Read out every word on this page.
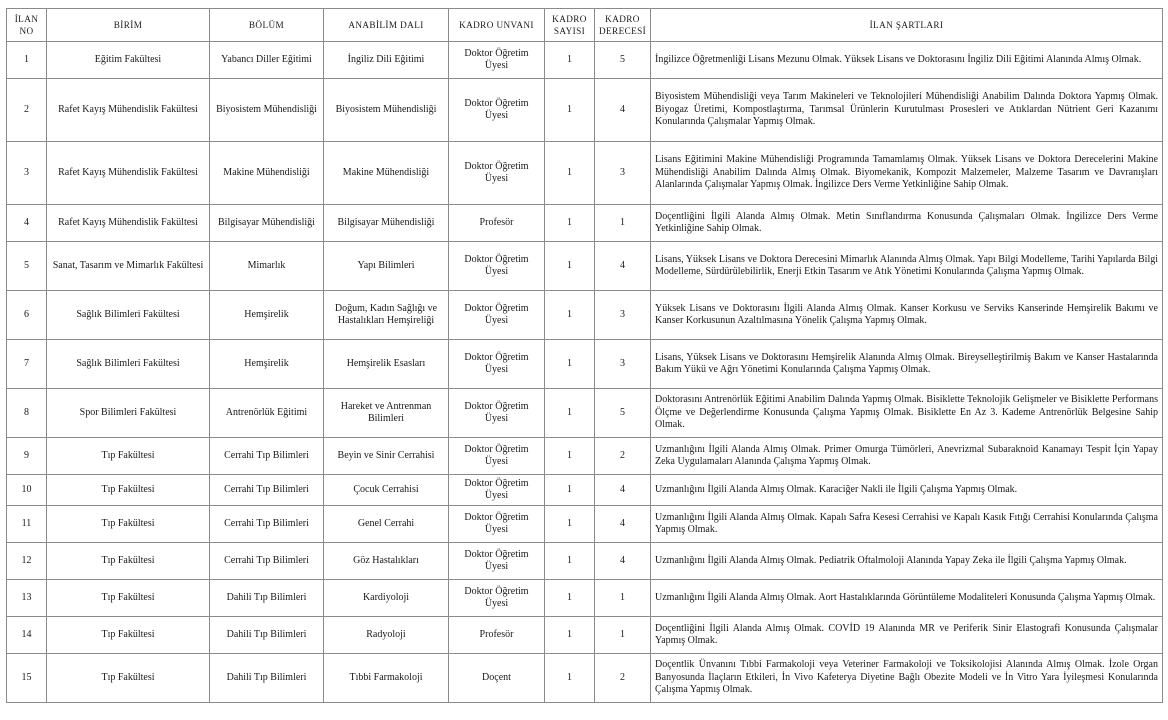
İLAN NO	BİRİM	BÖLÜM	ANABİLİM DALI	KADRO UNVANI	KADRO SAYISI	KADRO DERECESİ	İLAN ŞARTLARI
1	Eğitim Fakültesi	Yabancı Diller Eğitimi	İngiliz Dili Eğitimi	Doktor Öğretim Üyesi	1	5	İngilizce Öğretmenliği Lisans Mezunu Olmak. Yüksek Lisans ve Doktorasını İngiliz Dili Eğitimi Alanında Almış Olmak.
2	Rafet Kayış Mühendislik Fakültesi	Biyosistem Mühendisliği	Biyosistem Mühendisliği	Doktor Öğretim Üyesi	1	4	Biyosistem Mühendisliği veya Tarım Makineleri ve Teknolojileri Mühendisliği Anabilim Dalında Doktora Yapmış Olmak. Biyogaz Üretimi, Kompostlaştırma, Tarımsal Ürünlerin Kurutulması Prosesleri ve Atıklardan Nütrient Geri Kazanımı Konularında Çalışmalar Yapmış Olmak.
3	Rafet Kayış Mühendislik Fakültesi	Makine Mühendisliği	Makine Mühendisliği	Doktor Öğretim Üyesi	1	3	Lisans Eğitimini Makine Mühendisliği Programında Tamamlamış Olmak. Yüksek Lisans ve Doktora Derecelerini Makine Mühendisliği Anabilim Dalında Almış Olmak. Biyomekanik, Kompozit Malzemeler, Malzeme Tasarım ve Davranışları Alanlarında Çalışmalar Yapmış Olmak. İngilizce Ders Verme Yetkinliğine Sahip Olmak.
4	Rafet Kayış Mühendislik Fakültesi	Bilgisayar Mühendisliği	Bilgisayar Mühendisliği	Profesör	1	1	Doçentliğini İlgili Alanda Almış Olmak. Metin Sınıflandırma Konusunda Çalışmaları Olmak. İngilizce Ders Verme Yetkinliğine Sahip Olmak.
5	Sanat, Tasarım ve Mimarlık Fakültesi	Mimarlık	Yapı Bilimleri	Doktor Öğretim Üyesi	1	4	Lisans, Yüksek Lisans ve Doktora Derecesini Mimarlık Alanında Almış Olmak. Yapı Bilgi Modelleme, Tarihi Yapılarda Bilgi Modelleme, Sürdürülebilirlik, Enerji Etkin Tasarım ve Atık Yönetimi Konularında Çalışma Yapmış Olmak.
6	Sağlık Bilimleri Fakültesi	Hemşirelik	Doğum, Kadın Sağlığı ve Hastalıkları Hemşireliği	Doktor Öğretim Üyesi	1	3	Yüksek Lisans ve Doktorasını İlgili Alanda Almış Olmak. Kanser Korkusu ve Serviks Kanserinde Hemşirelik Bakımı ve Kanser Korkusunun Azaltılmasına Yönelik Çalışma Yapmış Olmak.
7	Sağlık Bilimleri Fakültesi	Hemşirelik	Hemşirelik Esasları	Doktor Öğretim Üyesi	1	3	Lisans, Yüksek Lisans ve Doktorasını Hemşirelik Alanında Almış Olmak. Bireyselleştirilmiş Bakım ve Kanser Hastalarında Bakım Yükü ve Ağrı Yönetimi Konularında Çalışma Yapmış Olmak.
8	Spor Bilimleri Fakültesi	Antrenörlük Eğitimi	Hareket ve Antrenman Bilimleri	Doktor Öğretim Üyesi	1	5	Doktorasını Antrenörlük Eğitimi Anabilim Dalında Yapmış Olmak. Bisiklette Teknolojik Gelişmeler ve Bisiklette Performans Ölçme ve Değerlendirme Konusunda Çalışma Yapmış Olmak. Bisiklette En Az 3. Kademe Antrenörlük Belgesine Sahip Olmak.
9	Tıp Fakültesi	Cerrahi Tıp Bilimleri	Beyin ve Sinir Cerrahisi	Doktor Öğretim Üyesi	1	2	Uzmanlığını İlgili Alanda Almış Olmak. Primer Omurga Tümörleri, Anevrizmal Subaraknoid Kanamayı Tespit İçin Yapay Zeka Uygulamaları Alanında Çalışma Yapmış Olmak.
10	Tıp Fakültesi	Cerrahi Tıp Bilimleri	Çocuk Cerrahisi	Doktor Öğretim Üyesi	1	4	Uzmanlığını İlgili Alanda Almış Olmak. Karaciğer Nakli ile İlgili Çalışma Yapmış Olmak.
11	Tıp Fakültesi	Cerrahi Tıp Bilimleri	Genel Cerrahi	Doktor Öğretim Üyesi	1	4	Uzmanlığını İlgili Alanda Almış Olmak. Kapalı Safra Kesesi Cerrahisi ve Kapalı Kasık Fıtığı Cerrahisi Konularında Çalışma Yapmış Olmak.
12	Tıp Fakültesi	Cerrahi Tıp Bilimleri	Göz Hastalıkları	Doktor Öğretim Üyesi	1	4	Uzmanlığını İlgili Alanda Almış Olmak. Pediatrik Oftalmoloji Alanında Yapay Zeka ile İlgili Çalışma Yapmış Olmak.
13	Tıp Fakültesi	Dahili Tıp Bilimleri	Kardiyoloji	Doktor Öğretim Üyesi	1	1	Uzmanlığını İlgili Alanda Almış Olmak. Aort Hastalıklarında Görüntüleme Modaliteleri Konusunda Çalışma Yapmış Olmak.
14	Tıp Fakültesi	Dahili Tıp Bilimleri	Radyoloji	Profesör	1	1	Doçentliğini İlgili Alanda Almış Olmak. COVİD 19 Alanında MR ve Periferik Sinir Elastografi Konusunda Çalışmalar Yapmış Olmak.
15	Tıp Fakültesi	Dahili Tıp Bilimleri	Tıbbi Farmakoloji	Doçent	1	2	Doçentlik Ünvanını Tıbbi Farmakoloji veya Veteriner Farmakoloji ve Toksikolojisi Alanında Almış Olmak. İzole Organ Banyosunda İlaçların Etkileri, İn Vivo Kafeterya Diyetine Bağlı Obezite Modeli ve İn Vitro Yara İyileşmesi Konularında Çalışma Yapmış Olmak.
